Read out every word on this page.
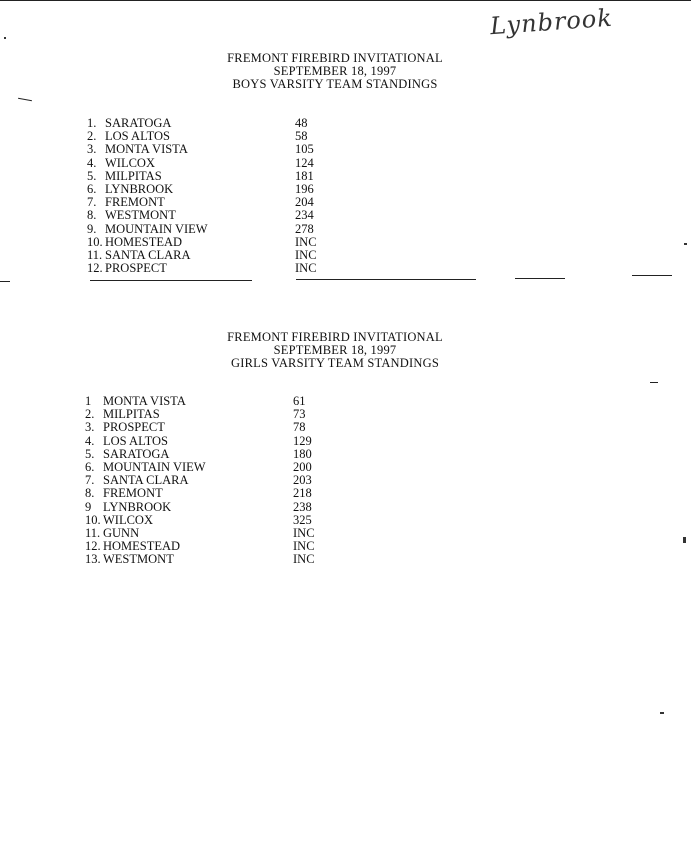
Lynbrook
FREMONT FIREBIRD INVITATIONAL
SEPTEMBER 18, 1997
BOYS VARSITY TEAM STANDINGS
1. SARATOGA	48
2. LOS ALTOS	58
3. MONTA VISTA	105
4. WILCOX	124
5. MILPITAS	181
6. LYNBROOK	196
7. FREMONT	204
8. WESTMONT	234
9. MOUNTAIN VIEW	278
10. HOMESTEAD	INC
11. SANTA CLARA	INC
12. PROSPECT	INC
FREMONT FIREBIRD INVITATIONAL
SEPTEMBER 18, 1997
GIRLS VARSITY TEAM STANDINGS
1 MONTA VISTA	61
2. MILPITAS	73
3. PROSPECT	78
4. LOS ALTOS	129
5. SARATOGA	180
6. MOUNTAIN VIEW	200
7. SANTA CLARA	203
8. FREMONT	218
9 LYNBROOK	238
10. WILCOX	325
11. GUNN	INC
12. HOMESTEAD	INC
13. WESTMONT	INC
